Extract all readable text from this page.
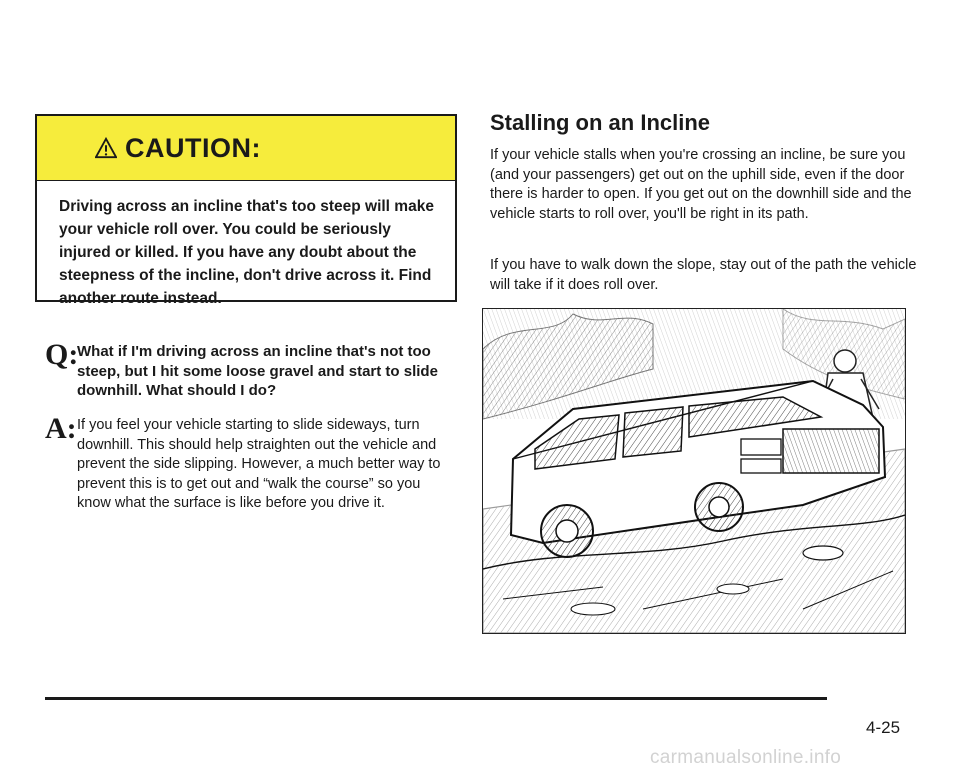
CAUTION:
Driving across an incline that's too steep will make your vehicle roll over. You could be seriously injured or killed. If you have any doubt about the steepness of the incline, don't drive across it. Find another route instead.
Q:
What if I'm driving across an incline that's not too steep, but I hit some loose gravel and start to slide downhill. What should I do?
A: If you feel your vehicle starting to slide sideways, turn downhill. This should help straighten out the vehicle and prevent the side slipping. However, a much better way to prevent this is to get out and “walk the course” so you know what the surface is like before you drive it.
Stalling on an Incline

If your vehicle stalls when you're crossing an incline, be sure you (and your passengers) get out on the uphill side, even if the door there is harder to open. If you get out on the downhill side and the vehicle starts to roll over, you'll be right in its path.

If you have to walk down the slope, stay out of the path the vehicle will take if it does roll over.

4-25
carmanualsonline.info
